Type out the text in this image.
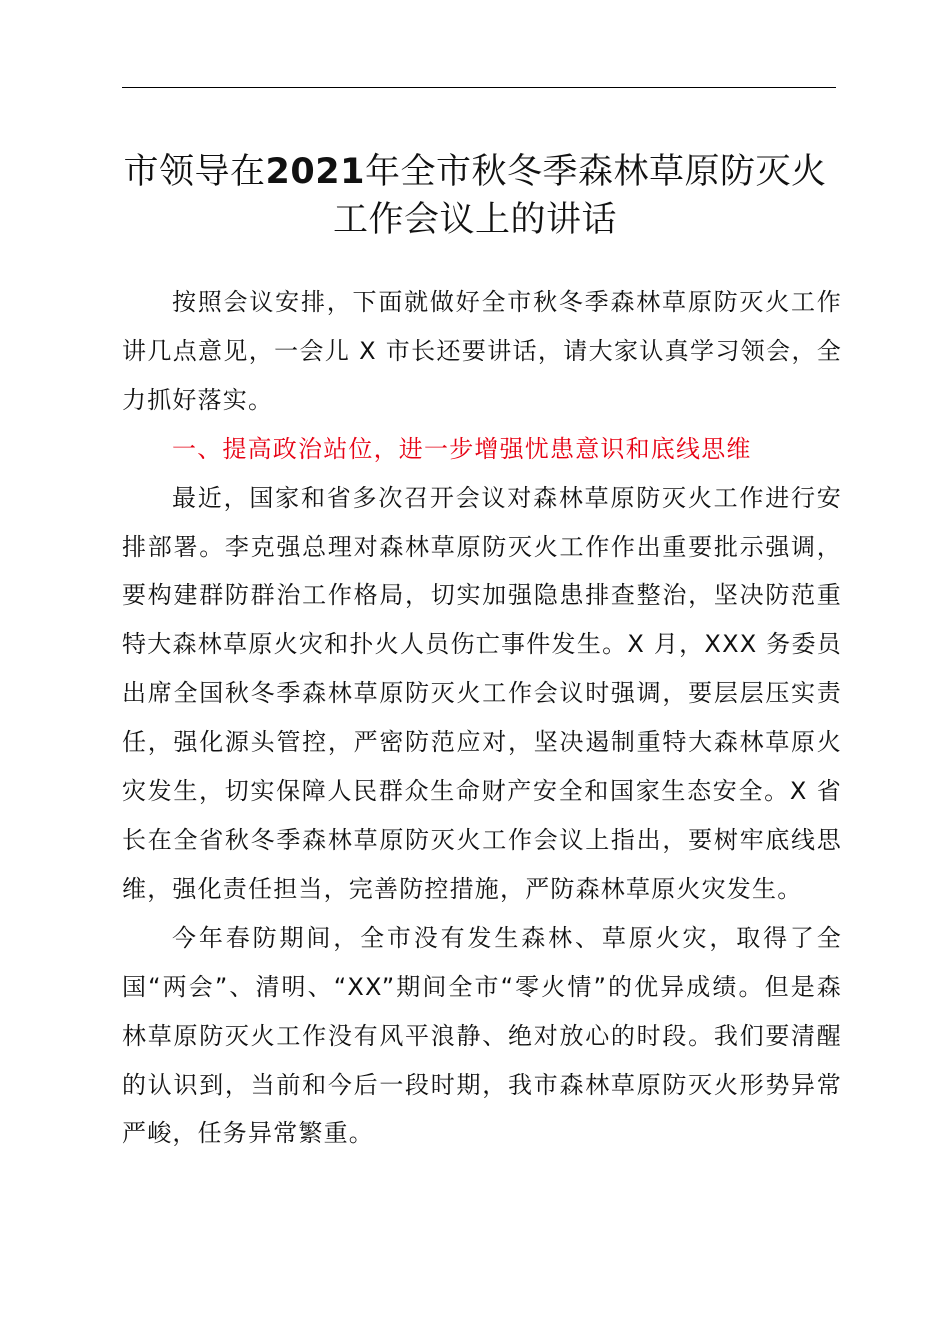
市领导在2021年全市秋冬季森林草原防灭火
工作会议上的讲话

按照会议安排，下面就做好全市秋冬季森林草原防灭火工作讲几点意见，一会儿 X 市长还要讲话，请大家认真学习领会，全力抓好落实。

一、提高政治站位，进一步增强忧患意识和底线思维

最近，国家和省多次召开会议对森林草原防灭火工作进行安排部署。李克强总理对森林草原防灭火工作作出重要批示强调，要构建群防群治工作格局，切实加强隐患排查整治，坚决防范重特大森林草原火灾和扑火人员伤亡事件发生。X 月，XXX 务委员出席全国秋冬季森林草原防灭火工作会议时强调，要层层压实责任，强化源头管控，严密防范应对，坚决遏制重特大森林草原火灾发生，切实保障人民群众生命财产安全和国家生态安全。X 省长在全省秋冬季森林草原防灭火工作会议上指出，要树牢底线思维，强化责任担当，完善防控措施，严防森林草原火灾发生。

今年春防期间，全市没有发生森林、草原火灾，取得了全国“两会”、清明、“XX”期间全市“零火情”的优异成绩。但是森林草原防灭火工作没有风平浪静、绝对放心的时段。我们要清醒的认识到，当前和今后一段时期，我市森林草原防灭火形势异常严峻，任务异常繁重。
